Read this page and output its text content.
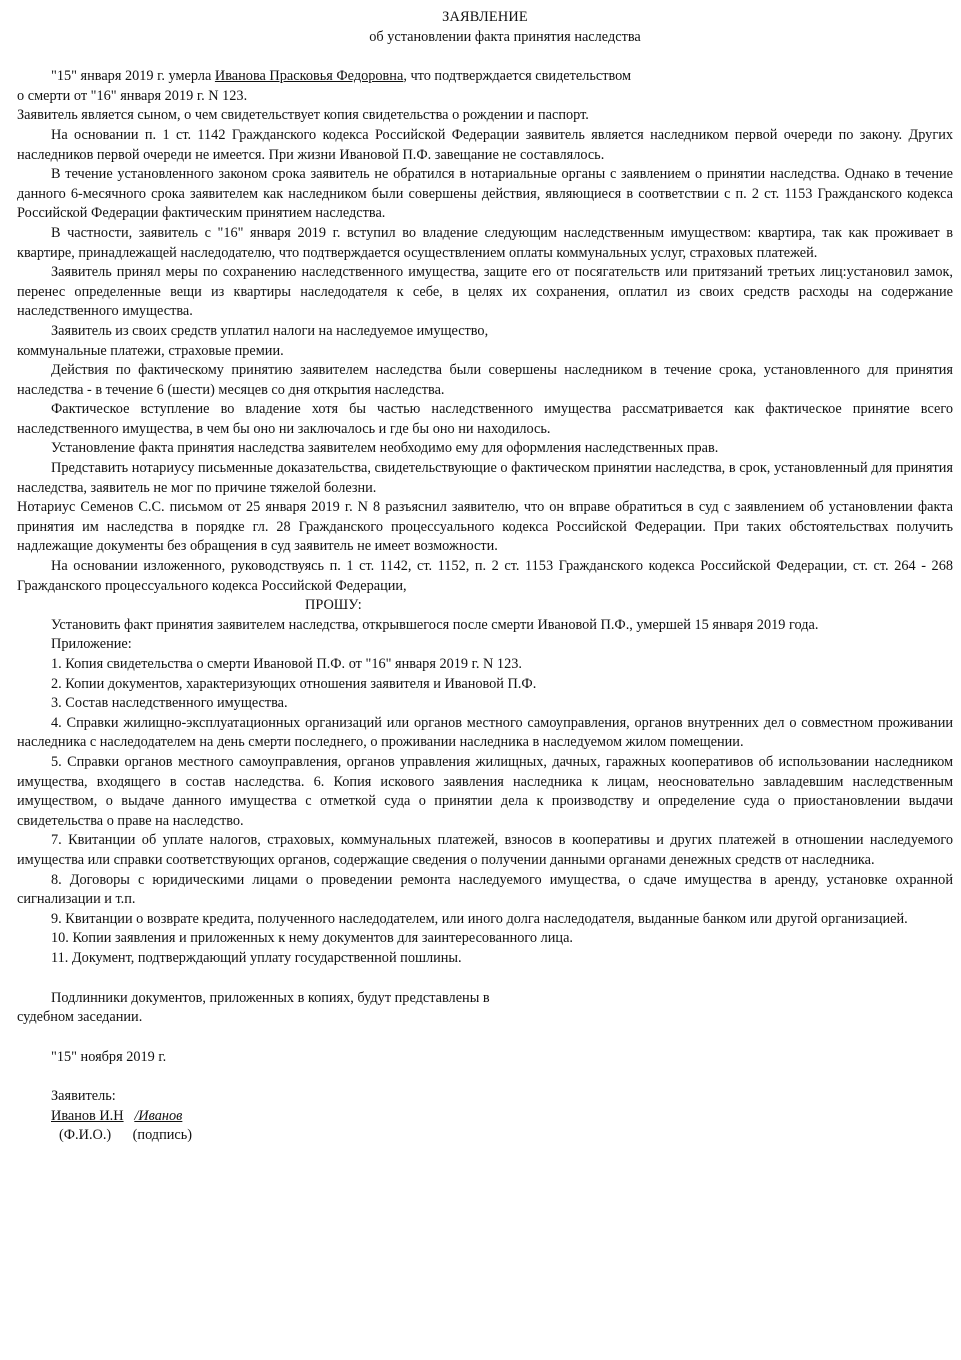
ЗАЯВЛЕНИЕ
об установлении факта принятия наследства

"15" января 2019 г. умерла Иванова Прасковья Федоровна, что подтверждается свидетельством

о смерти от "16" января 2019 г. N 123.

Заявитель является сыном, о чем свидетельствует копия свидетельства о рождении и паспорт.

На основании п. 1 ст. 1142 Гражданского кодекса Российской Федерации заявитель является наследником первой очереди по закону. Других наследников первой очереди не имеется. При жизни Ивановой П.Ф. завещание не составлялось.

В течение установленного законом срока заявитель не обратился в нотариальные органы с заявлением о принятии наследства. Однако в течение данного 6-месячного срока заявителем как наследником были совершены действия, являющиеся в соответствии с п. 2 ст. 1153 Гражданского кодекса Российской Федерации фактическим принятием наследства.

В частности, заявитель с "16" января 2019 г. вступил во владение следующим наследственным имуществом: квартира, так как проживает в квартире, принадлежащей наследодателю, что подтверждается осуществлением оплаты коммунальных услуг, страховых платежей.

Заявитель принял меры по сохранению наследственного имущества, защите его от посягательств или притязаний третьих лиц:установил замок, перенес определенные вещи из квартиры наследодателя к себе, в целях их сохранения, оплатил из своих средств расходы на содержание наследственного имущества.

Заявитель из своих средств уплатил налоги на наследуемое имущество,

коммунальные платежи, страховые премии.

Действия по фактическому принятию заявителем наследства были совершены наследником в течение срока, установленного для принятия наследства - в течение 6 (шести) месяцев со дня открытия наследства.

Фактическое вступление во владение хотя бы частью наследственного имущества рассматривается как фактическое принятие всего наследственного имущества, в чем бы оно ни заключалось и где бы оно ни находилось.

Установление факта принятия наследства заявителем необходимо ему для оформления наследственных прав.

Представить нотариусу письменные доказательства, свидетельствующие о фактическом принятии наследства, в срок, установленный для принятия наследства, заявитель не мог по причине тяжелой болезни.

Нотариус Семенов С.С. письмом от 25 января 2019 г. N 8 разъяснил заявителю, что он вправе обратиться в суд с заявлением об установлении факта принятия им наследства в порядке гл. 28 Гражданского процессуального кодекса Российской Федерации. При таких обстоятельствах получить надлежащие документы без обращения в суд заявитель не имеет возможности.

На основании изложенного, руководствуясь п. 1 ст. 1142, ст. 1152, п. 2 ст. 1153 Гражданского кодекса Российской Федерации, ст. ст. 264 - 268 Гражданского процессуального кодекса Российской Федерации,

ПРОШУ:

Установить факт принятия заявителем наследства, открывшегося после смерти Ивановой П.Ф., умершей 15 января 2019 года.

Приложение:

1. Копия свидетельства о смерти Ивановой П.Ф. от "16" января 2019 г. N 123.

2. Копии документов, характеризующих отношения заявителя и Ивановой П.Ф.

3. Состав наследственного имущества.

4. Справки жилищно-эксплуатационных организаций или органов местного самоуправления, органов внутренних дел о совместном проживании наследника с наследодателем на день смерти последнего, о проживании наследника в наследуемом жилом помещении.

5. Справки органов местного самоуправления, органов управления жилищных, дачных, гаражных кооперативов об использовании наследником имущества, входящего в состав наследства. 6. Копия искового заявления наследника к лицам, неосновательно завладевшим наследственным имуществом, о выдаче данного имущества с отметкой суда о принятии дела к производству и определение суда о приостановлении выдачи свидетельства о праве на наследство.

7. Квитанции об уплате налогов, страховых, коммунальных платежей, взносов в кооперативы и других платежей в отношении наследуемого имущества или справки соответствующих органов, содержащие сведения о получении данными органами денежных средств от наследника.

8. Договоры с юридическими лицами о проведении ремонта наследуемого имущества, о сдаче имущества в аренду, установке охранной сигнализации и т.п.

9. Квитанции о возврате кредита, полученного наследодателем, или иного долга наследодателя, выданные банком или другой организацией.

10. Копии заявления и приложенных к нему документов для заинтересованного лица.

11. Документ, подтверждающий уплату государственной пошлины.

Подлинники документов, приложенных в копиях, будут представлены в

судебном заседании.

"15" ноября 2019 г.

Заявитель:

Иванов И.Н /Иванов

(Ф.И.О.) (подпись)
